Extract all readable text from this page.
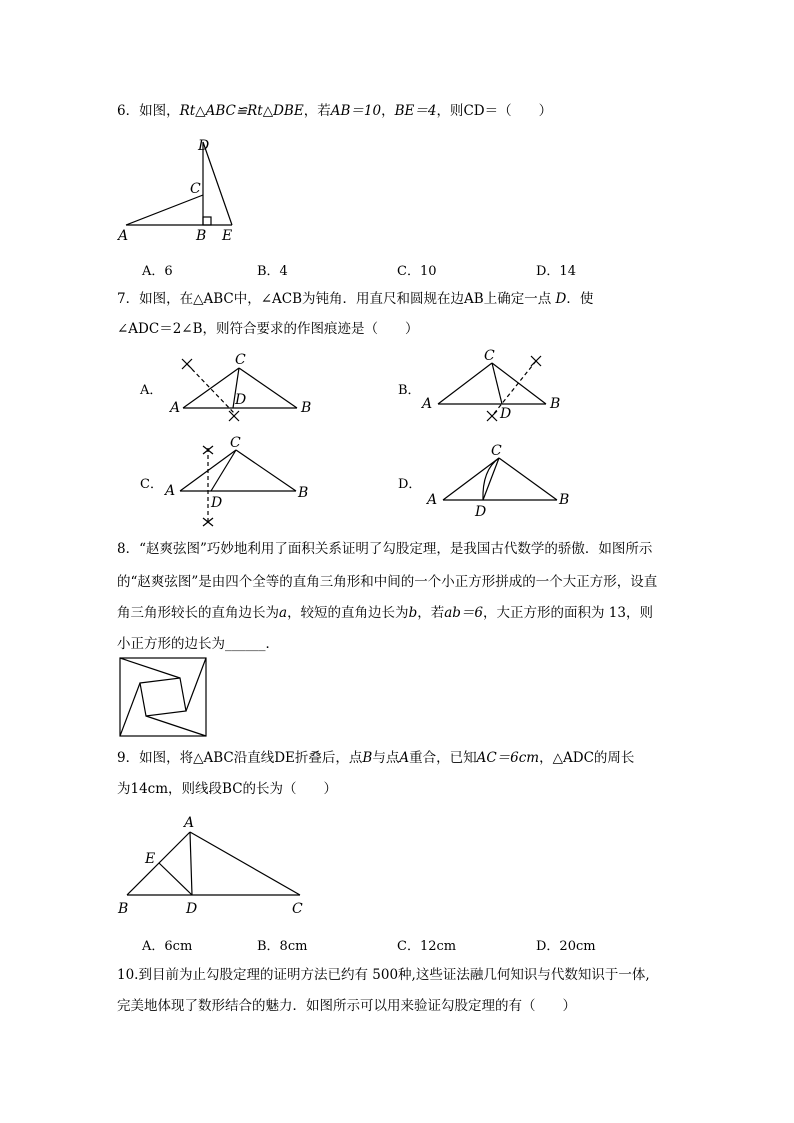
6．如图，Rt△ABC≌Rt△DBE，若AB＝10，BE＝4，则CD＝（　　）
D
C
A	B E
A．6	B．4	C．10	D．14
7．如图，在△ABC中，∠ACB为钝角．用直尺和圆规在边AB上确定一点 D．使
∠ADC＝2∠B，则符合要求的作图痕迹是（　　）
A．
C
A	D	B
B．
C
A
D
B
C．
C
A
D
B
D．
C
A
D
B
8．“赵爽弦图”巧妙地利用了面积关系证明了勾股定理，是我国古代数学的骄傲．如图所示
的“赵爽弦图”是由四个全等的直角三角形和中间的一个小正方形拼成的一个大正方形，设直
角三角形较长的直角边长为a，较短的直角边长为b，若ab＝6，大正方形的面积为 13，则
小正方形的边长为______．
9．如图，将△ABC沿直线DE折叠后，点B与点A重合，已知AC＝6cm，△ADC的周长
为14cm，则线段BC的长为（　　）
A
E
B	D	C
A．6cm	B．8cm	C．12cm	D．20cm
10.到目前为止勾股定理的证明方法已约有 500种,这些证法融几何知识与代数知识于一体,
完美地体现了数形结合的魅力．如图所示可以用来验证勾股定理的有（　　）
